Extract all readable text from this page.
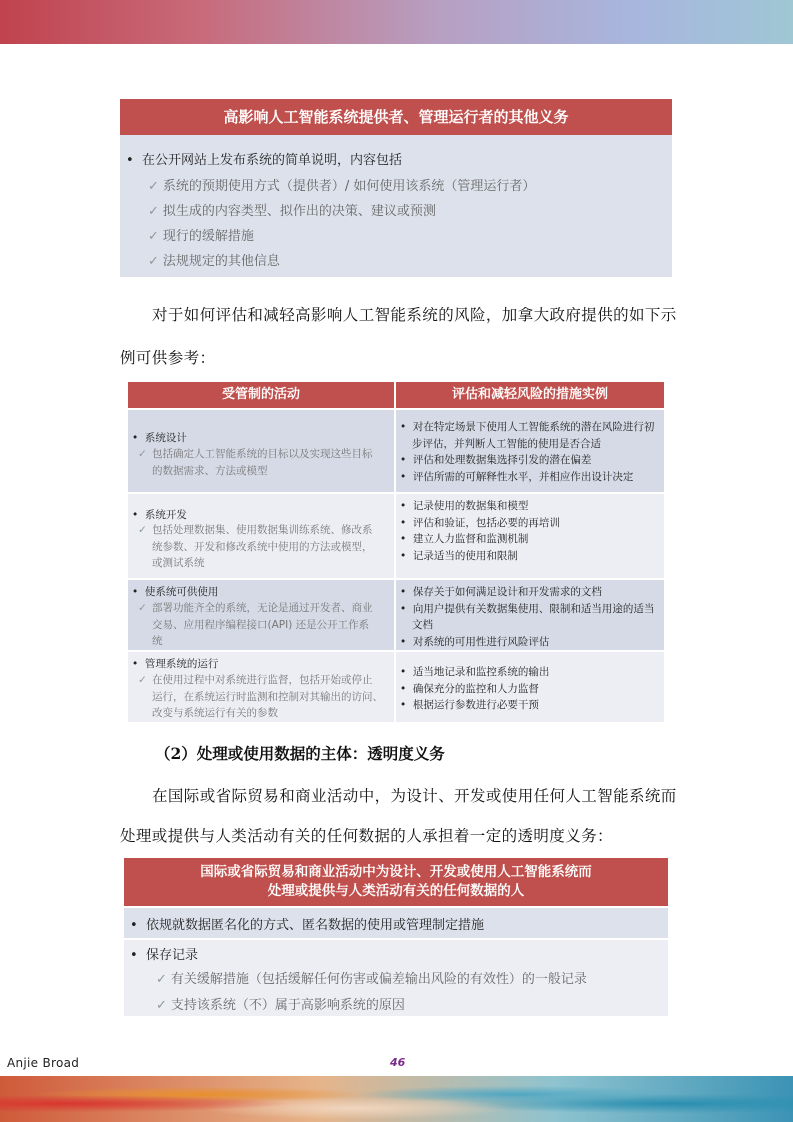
高影响人工智能系统提供者、管理运行者的其他义务
• 在公开网站上发布系统的简单说明，内容包括
✓ 系统的预期使用方式（提供者）/ 如何使用该系统（管理运行者）
✓ 拟生成的内容类型、拟作出的决策、建议或预测
✓ 现行的缓解措施
✓ 法规规定的其他信息
对于如何评估和减轻高影响人工智能系统的风险，加拿大政府提供的如下示
例可供参考：
受管制的活动	评估和减轻风险的措施实例
•  系统设计
✓ 包括确定人工智能系统的目标以及实现这些目标
的数据需求、方法或模型
•  对在特定场景下使用人工智能系统的潜在风险进行初
步评估，并判断人工智能的使用是否合适
•  评估和处理数据集选择引发的潜在偏差
•  评估所需的可解释性水平，并相应作出设计决定
•  系统开发
✓ 包括处理数据集、使用数据集训练系统、修改系
统参数、开发和修改系统中使用的方法或模型，
或测试系统
•  记录使用的数据集和模型
•  评估和验证，包括必要的再培训
•  建立人力监督和监测机制
•  记录适当的使用和限制
•  使系统可供使用
✓ 部署功能齐全的系统，无论是通过开发者、商业
交易、应用程序编程接口(API) 还是公开工作系
统
•  保存关于如何满足设计和开发需求的文档
•  向用户提供有关数据集使用、限制和适当用途的适当
文档
•  对系统的可用性进行风险评估
•  管理系统的运行
✓ 在使用过程中对系统进行监督，包括开始或停止
运行，在系统运行时监测和控制对其输出的访问、
改变与系统运行有关的参数
•  适当地记录和监控系统的输出
•  确保充分的监控和人力监督
•  根据运行参数进行必要干预
（2）处理或使用数据的主体：透明度义务
在国际或省际贸易和商业活动中，为设计、开发或使用任何人工智能系统而
处理或提供与人类活动有关的任何数据的人承担着一定的透明度义务：
国际或省际贸易和商业活动中为设计、开发或使用人工智能系统而
处理或提供与人类活动有关的任何数据的人
• 依规就数据匿名化的方式、匿名数据的使用或管理制定措施
• 保存记录
✓ 有关缓解措施（包括缓解任何伤害或偏差输出风险的有效性）的一般记录
✓ 支持该系统（不）属于高影响系统的原因
Anjie Broad	46
